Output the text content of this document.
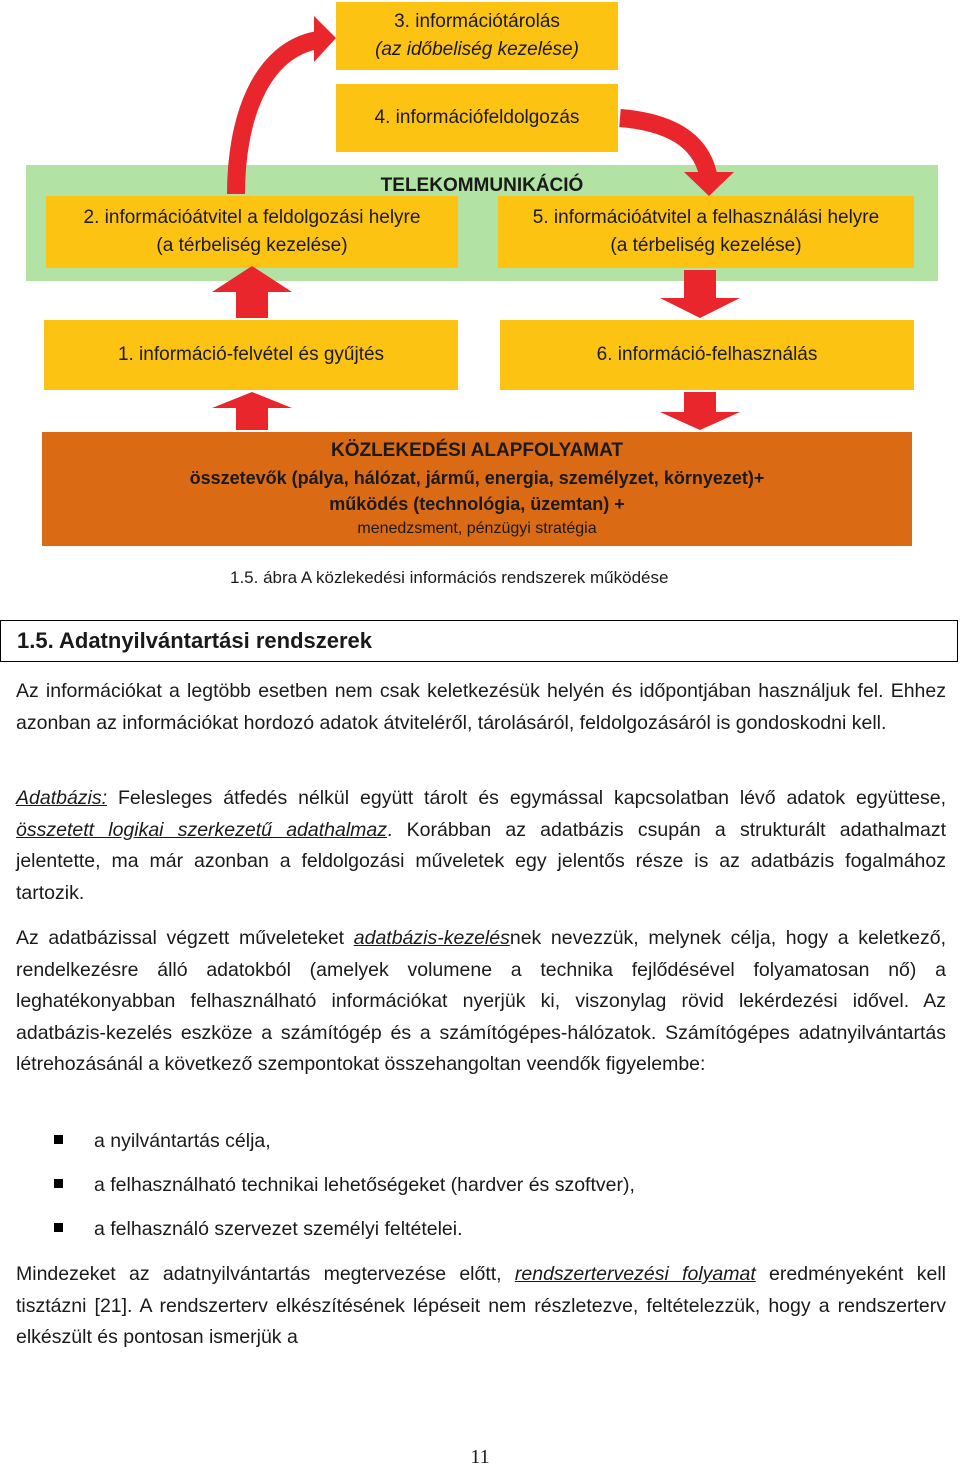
3. információtárolás
(az időbeliség kezelése)
4. információfeldolgozás
TELEKOMMUNIKÁCIÓ
2. információátvitel a feldolgozási helyre
(a térbeliség kezelése)
5. információátvitel a felhasználási helyre
(a térbeliség kezelése)
1. információ-felvétel és gyűjtés	6. információ-felhasználás
KÖZLEKEDÉSI ALAPFOLYAMAT
összetevők (pálya, hálózat, jármű, energia, személyzet, környezet)+
működés (technológia, üzemtan) +
menedzsment, pénzügyi stratégia
1.5. ábra A közlekedési információs rendszerek működése
1.5. Adatnyilvántartási rendszerek

Az információkat a legtöbb esetben nem csak keletkezésük helyén és időpontjában használjuk fel. Ehhez azonban az információkat hordozó adatok átviteléről, tárolásáról, feldolgozásáról is gondoskodni kell.

Adatbázis: Felesleges átfedés nélkül együtt tárolt és egymással kapcsolatban lévő adatok együttese, összetett logikai szerkezetű adathalmaz. Korábban az adatbázis csupán a strukturált adathalmazt jelentette, ma már azonban a feldolgozási műveletek egy jelentős része is az adatbázis fogalmához tartozik.

Az adatbázissal végzett műveleteket adatbázis-kezelésnek nevezzük, melynek célja, hogy a keletkező, rendelkezésre álló adatokból (amelyek volumene a technika fejlődésével folyamatosan nő) a leghatékonyabban felhasználható információkat nyerjük ki, viszonylag rövid lekérdezési idővel. Az adatbázis-kezelés eszköze a számítógép és a számítógépes-hálózatok. Számítógépes adatnyilvántartás létrehozásánál a következő szempontokat összehangoltan veendők figyelembe:

a nyilvántartás célja,
a felhasználható technikai lehetőségeket (hardver és szoftver),
a felhasználó szervezet személyi feltételei.

Mindezeket az adatnyilvántartás megtervezése előtt, rendszertervezési folyamat eredményeként kell tisztázni [21]. A rendszerterv elkészítésének lépéseit nem részletezve, feltételezzük, hogy a rendszerterv elkészült és pontosan ismerjük a

11
